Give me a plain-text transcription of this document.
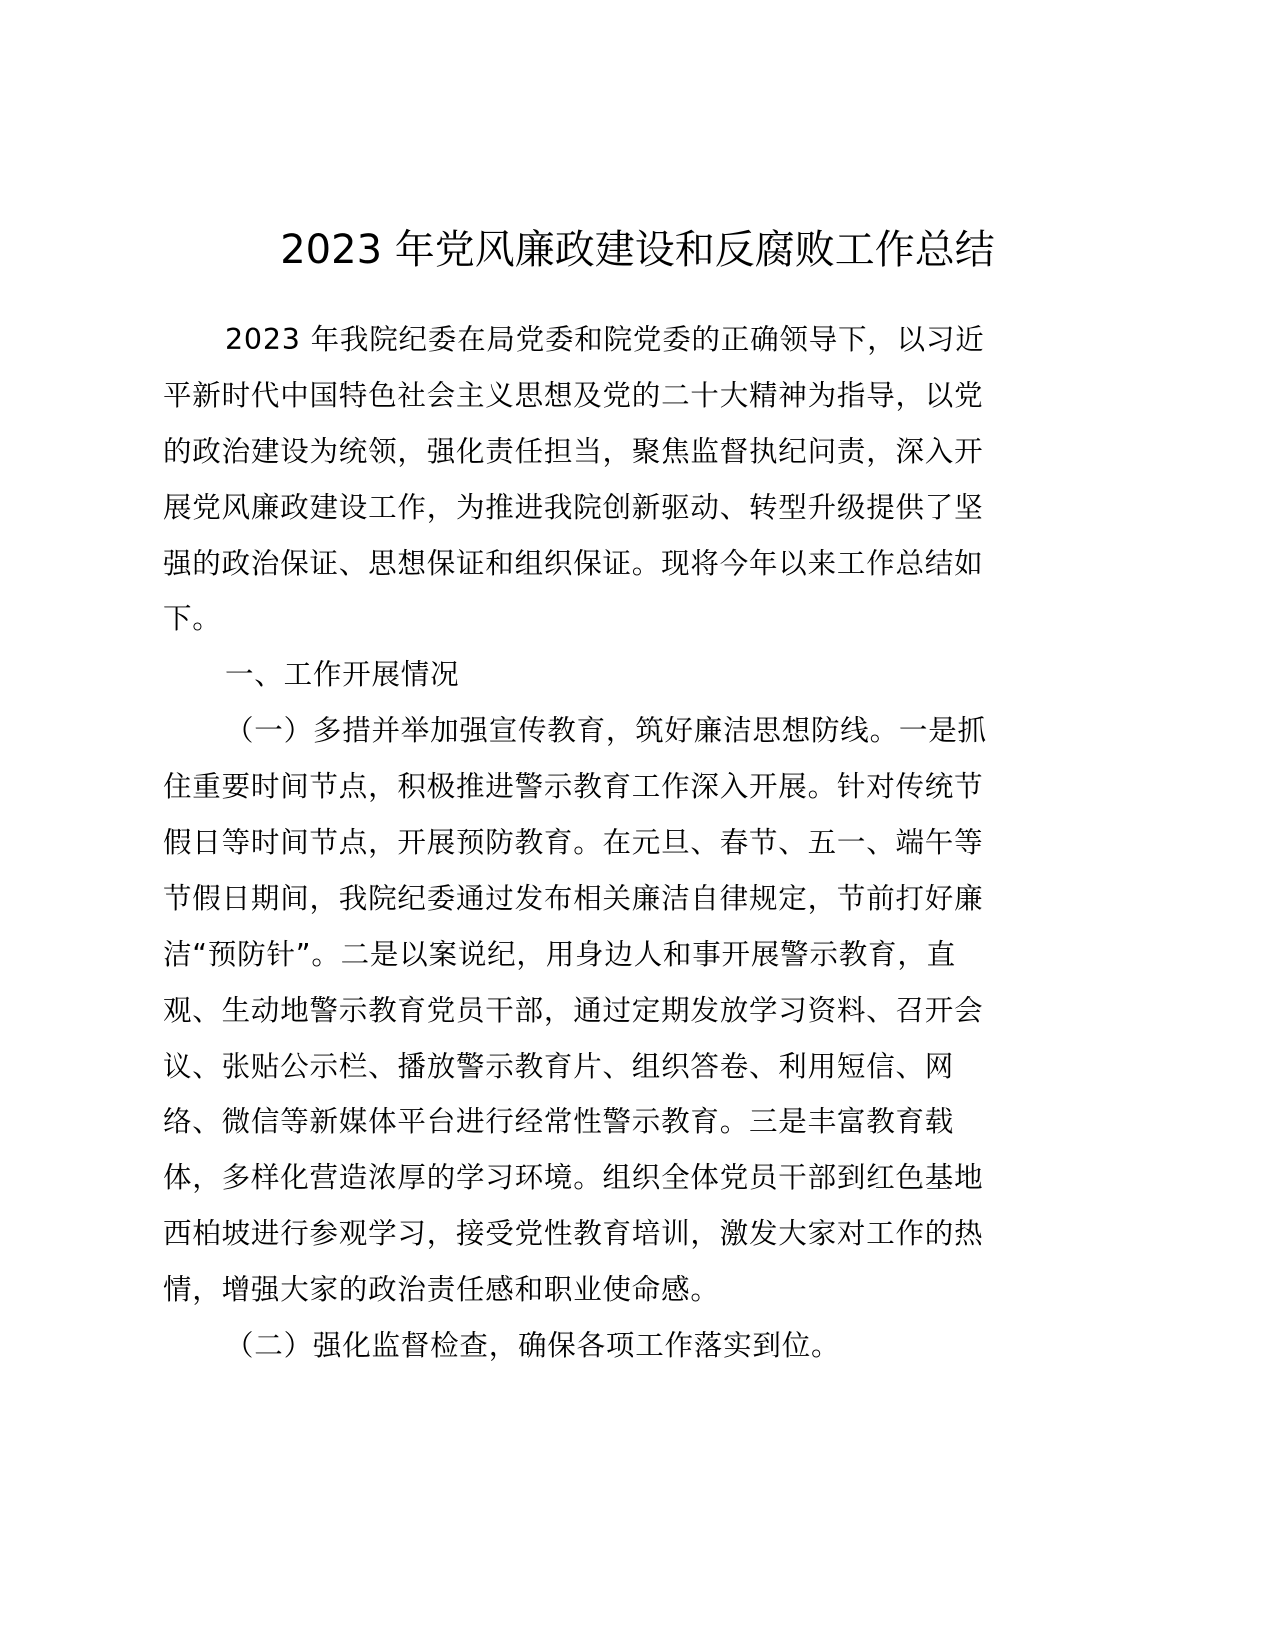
2023 年党风廉政建设和反腐败工作总结
2023 年我院纪委在局党委和院党委的正确领导下，以习近
平新时代中国特色社会主义思想及党的二十大精神为指导，以党
的政治建设为统领，强化责任担当，聚焦监督执纪问责，深入开
展党风廉政建设工作，为推进我院创新驱动、转型升级提供了坚
强的政治保证、思想保证和组织保证。现将今年以来工作总结如
下。
一、工作开展情况
（一）多措并举加强宣传教育，筑好廉洁思想防线。一是抓
住重要时间节点，积极推进警示教育工作深入开展。针对传统节
假日等时间节点，开展预防教育。在元旦、春节、五一、端午等
节假日期间，我院纪委通过发布相关廉洁自律规定，节前打好廉
洁“预防针”。二是以案说纪，用身边人和事开展警示教育，直
观、生动地警示教育党员干部，通过定期发放学习资料、召开会
议、张贴公示栏、播放警示教育片、组织答卷、利用短信、网
络、微信等新媒体平台进行经常性警示教育。三是丰富教育载
体，多样化营造浓厚的学习环境。组织全体党员干部到红色基地
西柏坡进行参观学习，接受党性教育培训，激发大家对工作的热
情，增强大家的政治责任感和职业使命感。
（二）强化监督检查，确保各项工作落实到位。
